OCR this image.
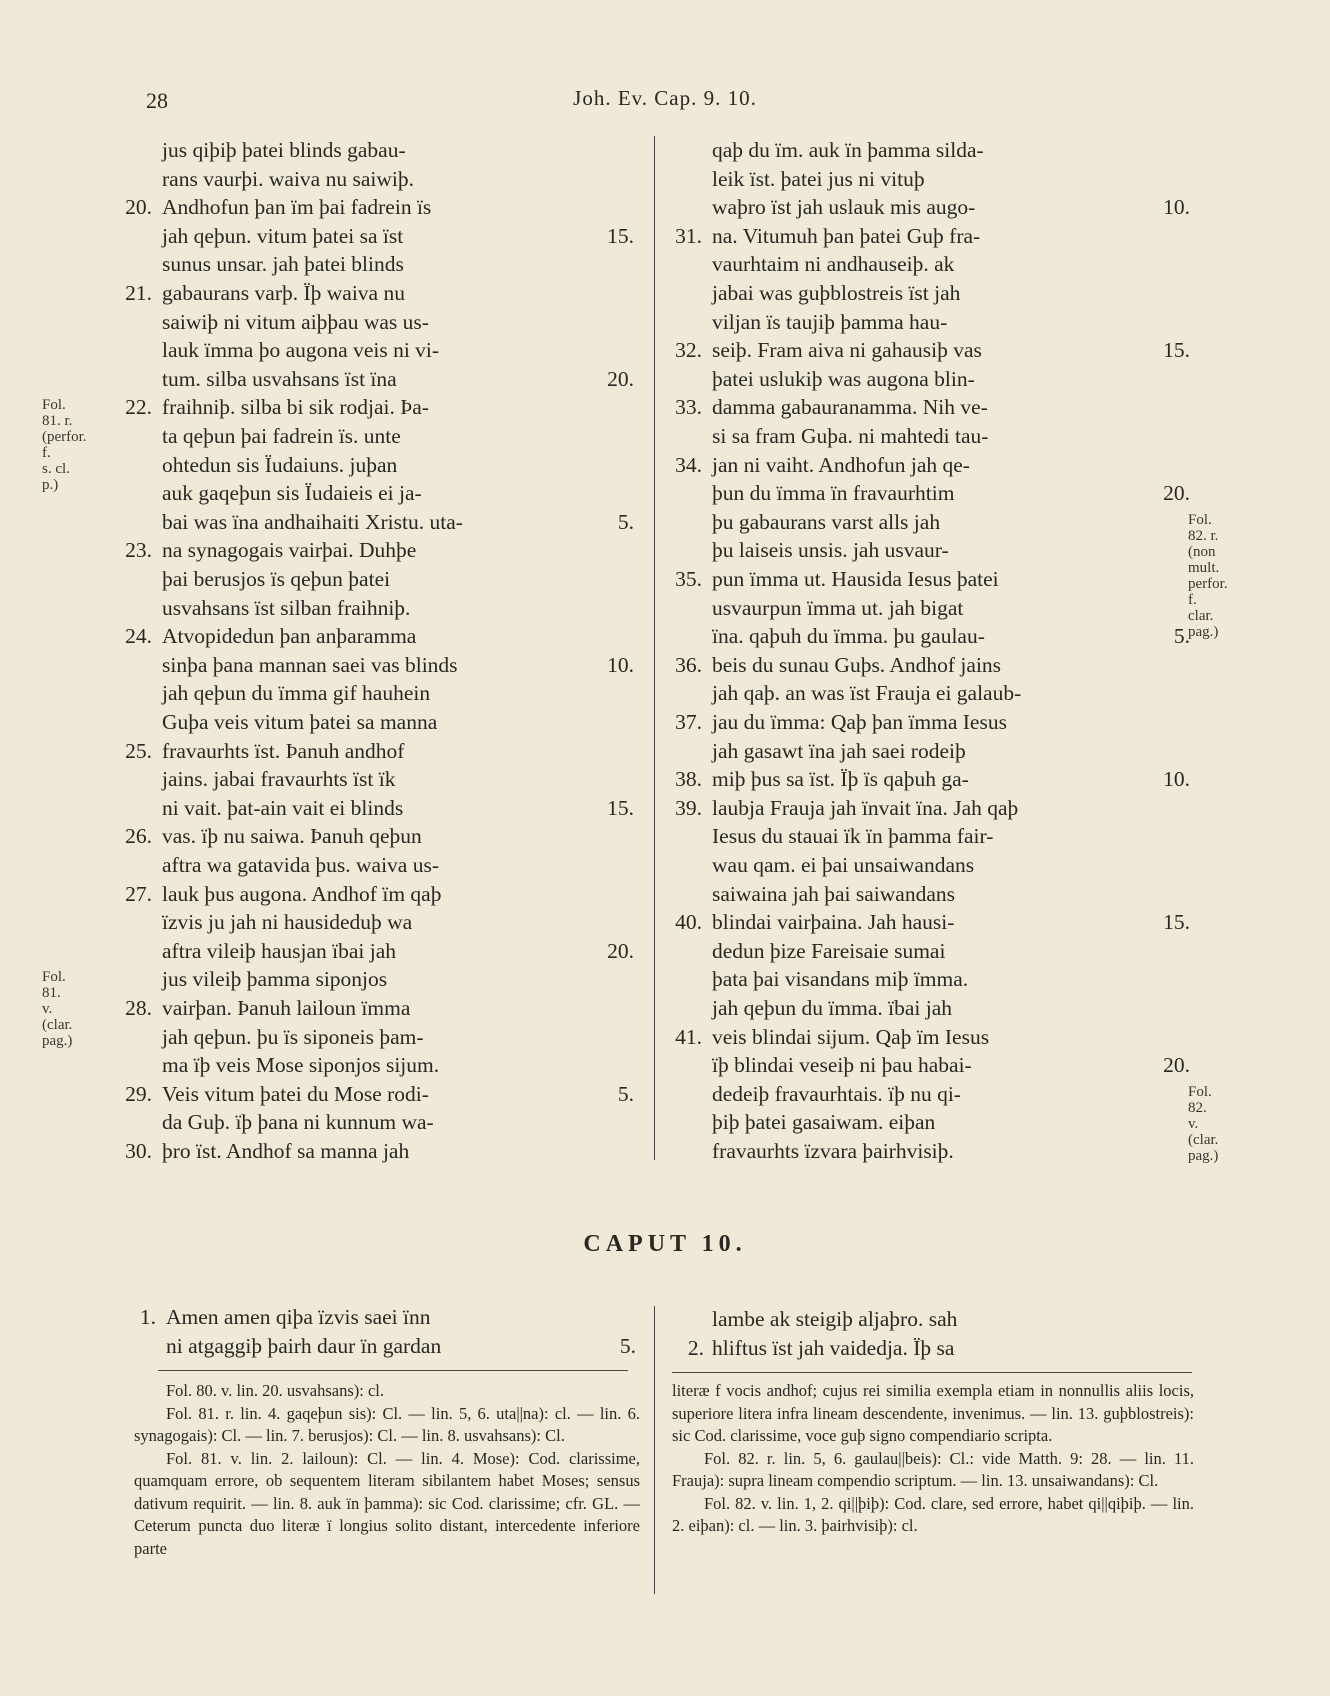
28	Joh. Ev. Cap. 9. 10.
jus qiþiþ þatei blinds gabau-
rans vaurþi. waiva nu saiwiþ.
Andhofun þan ïm þai fadrein ïs
jah qeþun. vitum þatei sa ïst
sunus unsar. jah þatei blinds
gabaurans varþ. Ïþ waiva nu
saiwiþ ni vitum aiþþau was us-
lauk ïmma þo augona veis ni vi-
tum. silba usvahsans ïst ïna
fraihniþ. silba bi sik rodjai. Þa-
ta qeþun þai fadrein ïs. unte
ohtedun sis Ïudaiuns. juþan
auk gaqeþun sis Ïudaieis ei ja-
bai was ïna andhaihaiti Xristu. uta-
na synagogais vairþai. Duhþe
þai berusjos ïs qeþun þatei
usvahsans ïst silban fraihniþ.
Atvopidedun þan anþaramma
sinþa þana mannan saei vas blinds
jah qeþun du ïmma gif hauhein
Guþa veis vitum þatei sa manna
fravaurhts ïst. Þanuh andhof
jains. jabai fravaurhts ïst ïk
ni vait. þat-ain vait ei blinds
vas. ïþ nu saiwa. Þanuh qeþun
aftra wa gatavida þus. waiva us-
lauk þus augona. Andhof ïm qaþ
ïzvis ju jah ni hausideduþ wa
aftra vileiþ hausjan ïbai jah
jus vileiþ þamma siponjos
vairþan. Þanuh lailoun ïmma
jah qeþun. þu ïs siponeis þam-
ma ïþ veis Mose siponjos sijum.
Veis vitum þatei du Mose rodi-
da Guþ. ïþ þana ni kunnum wa-
þro ïst. Andhof sa manna jah
20.
21.
22.
23.
24.
25.
26.
27.
28.
29.
30.
15.
20.
5.
10.
15.
20.
5.
Fol. 81. r.
(perfor. f.
s. cl. p.)
Fol. 81. v.
(clar. pag.)
qaþ du ïm. auk ïn þamma silda-
leik ïst. þatei jus ni vituþ
waþro ïst jah uslauk mis augo-
na. Vitumuh þan þatei Guþ fra-
vaurhtaim ni andhauseiþ. ak
jabai was guþblostreis ïst jah
viljan ïs taujiþ þamma hau-
seiþ. Fram aiva ni gahausiþ vas
þatei uslukiþ was augona blin-
damma gabauranamma. Nih ve-
si sa fram Guþa. ni mahtedi tau-
jan ni vaiht. Andhofun jah qe-
þun du ïmma ïn fravaurhtim
þu gabaurans varst alls jah
þu laiseis unsis. jah usvaur-
pun ïmma ut. Hausida Iesus þatei
usvaurpun ïmma ut. jah bigat
ïna. qaþuh du ïmma. þu gaulau-
beis du sunau Guþs. Andhof jains
jah qaþ. an was ïst Frauja ei galaub-
jau du ïmma: Qaþ þan ïmma Iesus
jah gasawt ïna jah saei rodeiþ
miþ þus sa ïst. Ïþ ïs qaþuh ga-
laubja Frauja jah ïnvait ïna. Jah qaþ
Iesus du stauai ïk ïn þamma fair-
wau qam. ei þai unsaiwandans
saiwaina jah þai saiwandans
blindai vairþaina. Jah hausi-
dedun þize Fareisaie sumai
þata þai visandans miþ ïmma.
jah qeþun du ïmma. ïbai jah
veis blindai sijum. Qaþ ïm Iesus
ïþ blindai veseiþ ni þau habai-
dedeiþ fravaurhtais. ïþ nu qi-
þiþ þatei gasaiwam. eiþan
fravaurhts ïzvara þairhvisiþ.
31.
32.
33.
34.
35.
36.
37.
38.
39.
40.
41.
10.
15.
20.
5.
10.
15.
20.
Fol. 82. r.
(non mult.
perfor. f.
clar. pag.)
Fol. 82. v.
(clar. pag.)
CAPUT 10.
Amen amen qiþa ïzvis saei ïnn
ni atgaggiþ þairh daur ïn gardan
1.
5.
lambe ak steigiþ aljaþro. sah
hliftus ïst jah vaidedja. Ïþ sa
2.

Fol. 80. v. lin. 20. usvahsans): cl.

Fol. 81. r. lin. 4. gaqeþun sis): Cl. — lin. 5, 6. uta||na): cl. — lin. 6. synagogais): Cl. — lin. 7. berusjos): Cl. — lin. 8. usvahsans): Cl.

Fol. 81. v. lin. 2. lailoun): Cl. — lin. 4. Mose): Cod. clarissime, quamquam errore, ob sequentem literam sibilantem habet Moses; sensus dativum requirit. — lin. 8. auk ïn þamma): sic Cod. clarissime; cfr. GL. — Ceterum puncta duo literæ ï longius solito distant, intercedente inferiore parte

literæ f vocis andhof; cujus rei similia exempla etiam in nonnullis aliis locis, superiore litera infra lineam descendente, invenimus. — lin. 13. guþblostreis): sic Cod. clarissime, voce guþ signo compendiario scripta.

Fol. 82. r. lin. 5, 6. gaulau||beis): Cl.: vide Matth. 9: 28. — lin. 11. Frauja): supra lineam compendio scriptum. — lin. 13. unsaiwandans): Cl.

Fol. 82. v. lin. 1, 2. qi||þiþ): Cod. clare, sed errore, habet qi||qiþiþ. — lin. 2. eiþan): cl. — lin. 3. þairhvisiþ): cl.
